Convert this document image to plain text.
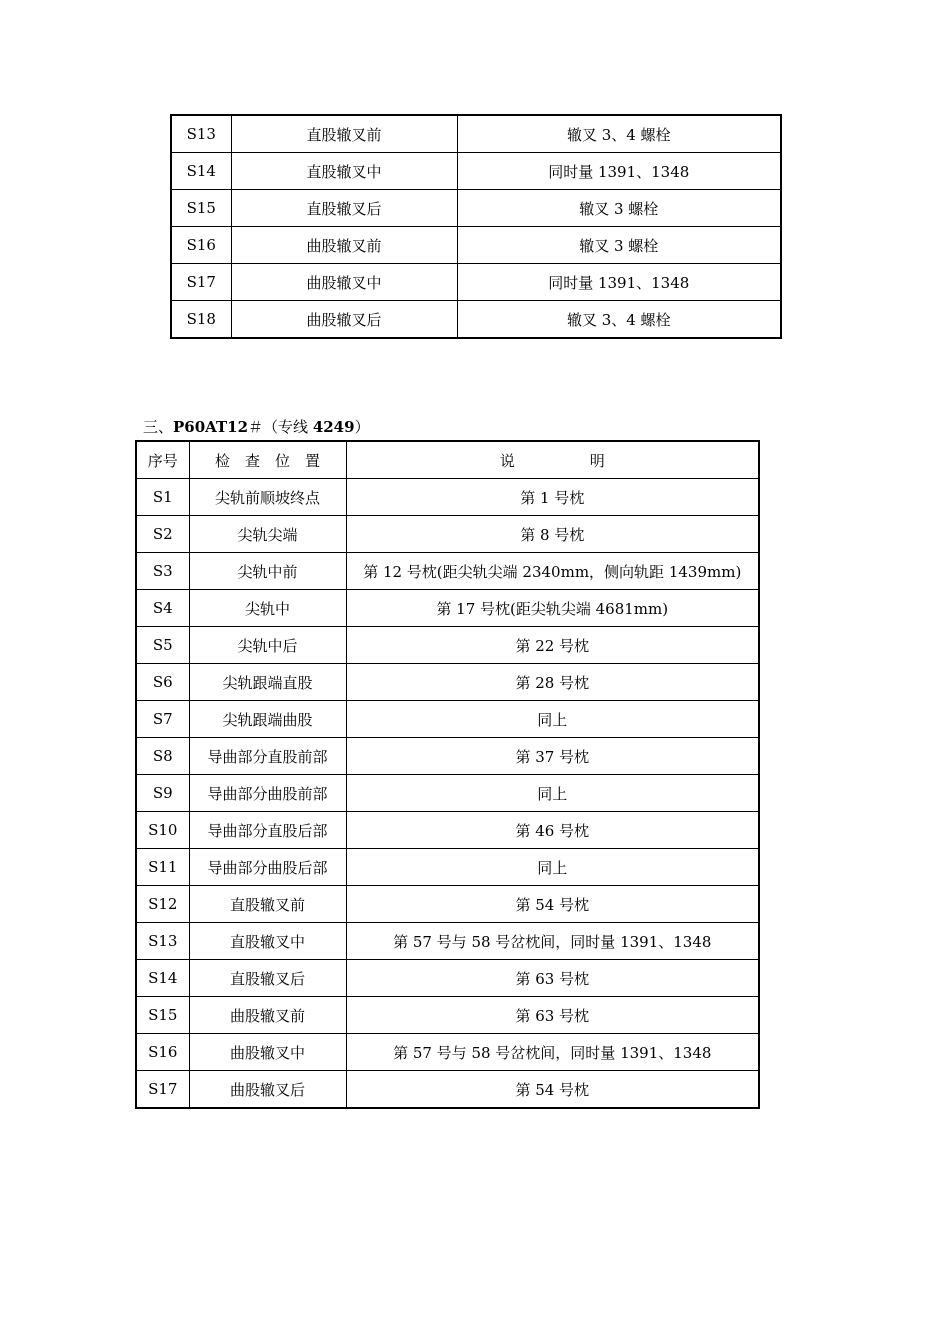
S13	直股辙叉前	辙叉 3、4 螺栓
S14	直股辙叉中	同时量 1391、1348
S15	直股辙叉后	辙叉 3 螺栓
S16	曲股辙叉前	辙叉 3 螺栓
S17	曲股辙叉中	同时量 1391、1348
S18	曲股辙叉后	辙叉 3、4 螺栓
三、P60AT12＃（专线 4249）
序号	检　查　位　置	说　　　　　明
S1	尖轨前顺坡终点	第 1 号枕
S2	尖轨尖端	第 8 号枕
S3	尖轨中前	第 12 号枕(距尖轨尖端 2340mm，侧向轨距 1439mm)
S4	尖轨中	第 17 号枕(距尖轨尖端 4681mm)
S5	尖轨中后	第 22 号枕
S6	尖轨跟端直股	第 28 号枕
S7	尖轨跟端曲股	同上
S8	导曲部分直股前部	第 37 号枕
S9	导曲部分曲股前部	同上
S10	导曲部分直股后部	第 46 号枕
S11	导曲部分曲股后部	同上
S12	直股辙叉前	第 54 号枕
S13	直股辙叉中	第 57 号与 58 号岔枕间，同时量 1391、1348
S14	直股辙叉后	第 63 号枕
S15	曲股辙叉前	第 63 号枕
S16	曲股辙叉中	第 57 号与 58 号岔枕间，同时量 1391、1348
S17	曲股辙叉后	第 54 号枕
